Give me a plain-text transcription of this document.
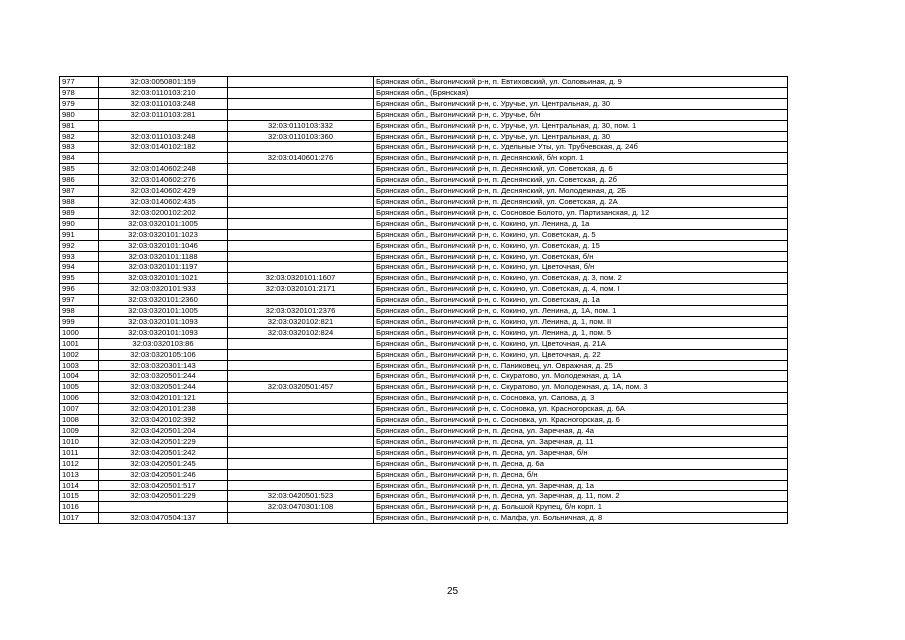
977	32:03:0050801:159		Брянская обл., Выгоничский р-н, п. Евтиховский, ул. Соловьиная, д. 9
978	32:03:0110103:210		Брянская обл., (Брянская)
979	32:03:0110103:248		Брянская обл., Выгоничский р-н, с. Уручье, ул. Центральная, д. 30
980	32:03:0110103:281		Брянская обл., Выгоничский р-н, с. Уручье, б/н
981		32:03:0110103:332	Брянская обл., Выгоничский р-н, с. Уручье, ул. Центральная, д. 30, пом. 1
982	32:03:0110103:248	32:03:0110103:360	Брянская обл., Выгоничский р-н, с. Уручье, ул. Центральная, д. 30
983	32:03:0140102:182		Брянская обл., Выгоничский р-н, с. Удельные Уты, ул. Трубчевская, д. 24б
984		32:03:0140601:276	Брянская обл., Выгоничский р-н, п. Деснянский, б/н корп. 1
985	32:03:0140602:248		Брянская обл., Выгоничский р-н, п. Деснянский, ул. Советская, д. 6
986	32:03:0140602:276		Брянская обл., Выгоничский р-н, п. Деснянский, ул. Советская, д. 2б
987	32:03:0140602:429		Брянская обл., Выгоничский р-н, п. Деснянский, ул. Молодежная, д. 2Б
988	32:03:0140602:435		Брянская обл., Выгоничский р-н, п. Деснянский, ул. Советская, д. 2А
989	32:03:0200102:202		Брянская обл., Выгоничский р-н, с. Сосновое Болото, ул. Партизанская, д. 12
990	32:03:0320101:1005		Брянская обл., Выгоничский р-н, с. Кокино, ул. Ленина, д. 1а
991	32:03:0320101:1023		Брянская обл., Выгоничский р-н, с. Кокино, ул. Советская, д. 5
992	32:03:0320101:1046		Брянская обл., Выгоничский р-н, с. Кокино, ул. Советская, д. 15
993	32:03:0320101:1188		Брянская обл., Выгоничский р-н, с. Кокино, ул. Советская, б/н
994	32:03:0320101:1197		Брянская обл., Выгоничский р-н, с. Кокино, ул. Цветочная, б/н
995	32:03:0320101:1021	32:03:0320101:1607	Брянская обл., Выгоничский р-н, с. Кокино, ул. Советская, д. 3, пом. 2
996	32:03:0320101:933	32:03:0320101:2171	Брянская обл., Выгоничский р-н, с. Кокино, ул. Советская, д. 4, пом. I
997	32:03:0320101:2360		Брянская обл., Выгоничский р-н, с. Кокино, ул. Советская, д. 1а
998	32:03:0320101:1005	32:03:0320101:2376	Брянская обл., Выгоничский р-н, с. Кокино, ул. Ленина, д. 1А, пом. 1
999	32:03:0320101:1093	32:03:0320102:821	Брянская обл., Выгоничский р-н, с. Кокино, ул. Ленина, д. 1, пом. II
1000	32:03:0320101:1093	32:03:0320102:824	Брянская обл., Выгоничский р-н, с. Кокино, ул. Ленина, д. 1, пом. 5
1001	32:03:0320103:86		Брянская обл., Выгоничский р-н, с. Кокино, ул. Цветочная, д. 21А
1002	32:03:0320105:106		Брянская обл., Выгоничский р-н, с. Кокино, ул. Цветочная, д. 22
1003	32:03:0320301:143		Брянская обл., Выгоничский р-н, с. Паниковец, ул. Овражная, д. 25
1004	32:03:0320501:244		Брянская обл., Выгоничский р-н, с. Скуратово, ул. Молодежная, д. 1А
1005	32:03:0320501:244	32:03:0320501:457	Брянская обл., Выгоничский р-н, с. Скуратово, ул. Молодежная, д. 1А, пом. 3
1006	32:03:0420101:121		Брянская обл., Выгоничский р-н, с. Сосновка, ул. Сапова, д. 3
1007	32:03:0420101:238		Брянская обл., Выгоничский р-н, с. Сосновка, ул. Красногорская, д. 6А
1008	32:03:0420102:392		Брянская обл., Выгоничский р-н, с. Сосновка, ул. Красногорская, д. 6
1009	32:03:0420501:204		Брянская обл., Выгоничский р-н, п. Десна, ул. Заречная, д. 4а
1010	32:03:0420501:229		Брянская обл., Выгоничский р-н, п. Десна, ул. Заречная, д. 11
1011	32:03:0420501:242		Брянская обл., Выгоничский р-н, п. Десна, ул. Заречная, б/н
1012	32:03:0420501:245		Брянская обл., Выгоничский р-н, п. Десна, д. 6а
1013	32:03:0420501:246		Брянская обл., Выгоничский р-н, п. Десна, б/н
1014	32:03:0420501:517		Брянская обл., Выгоничский р-н, п. Десна, ул. Заречная, д. 1а
1015	32:03:0420501:229	32:03:0420501:523	Брянская обл., Выгоничский р-н, п. Десна, ул. Заречная, д. 11, пом. 2
1016		32:03:0470301:108	Брянская обл., Выгоничский р-н, д. Большой Крупец, б/н корп. 1
1017	32:03:0470504:137		Брянская обл., Выгоничский р-н, с. Малфа, ул. Больничная, д. 8
25
